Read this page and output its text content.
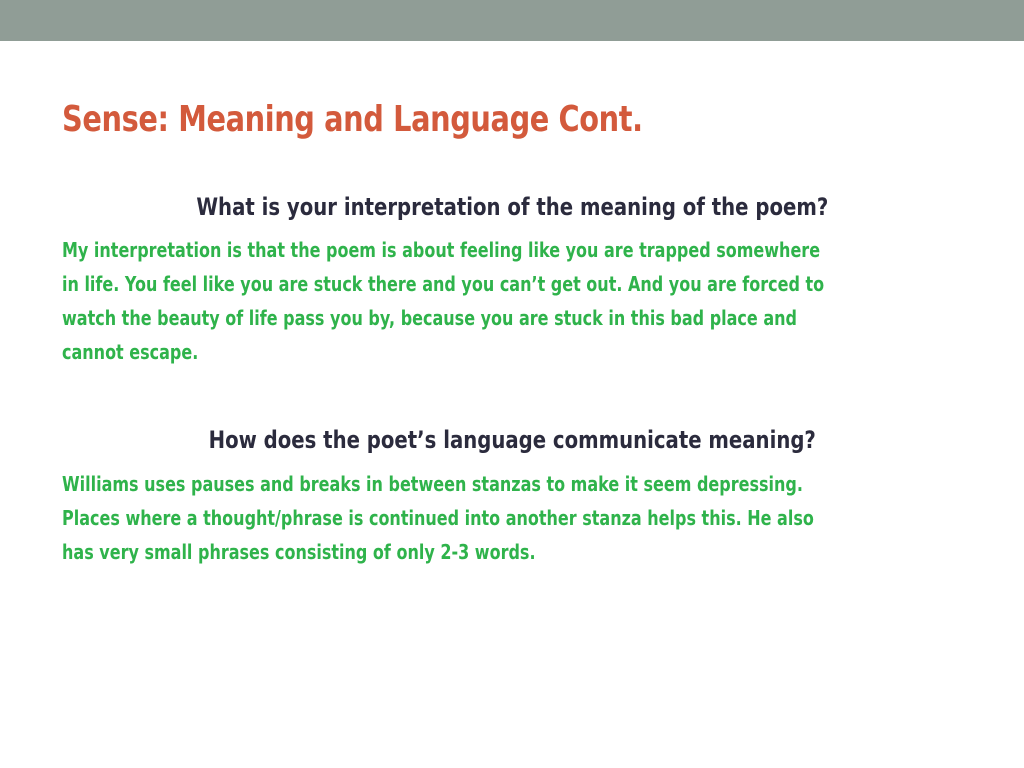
Sense: Meaning and Language Cont.

What is your interpretation of the meaning of the poem?

My interpretation is that the poem is about feeling like you are trapped somewhere
in life. You feel like you are stuck there and you can’t get out. And you are forced to
watch the beauty of life pass you by, because you are stuck in this bad place and
cannot escape.

How does the poet’s language communicate meaning?

Williams uses pauses and breaks in between stanzas to make it seem depressing.
Places where a thought/phrase is continued into another stanza helps this. He also
has very small phrases consisting of only 2-3 words.
